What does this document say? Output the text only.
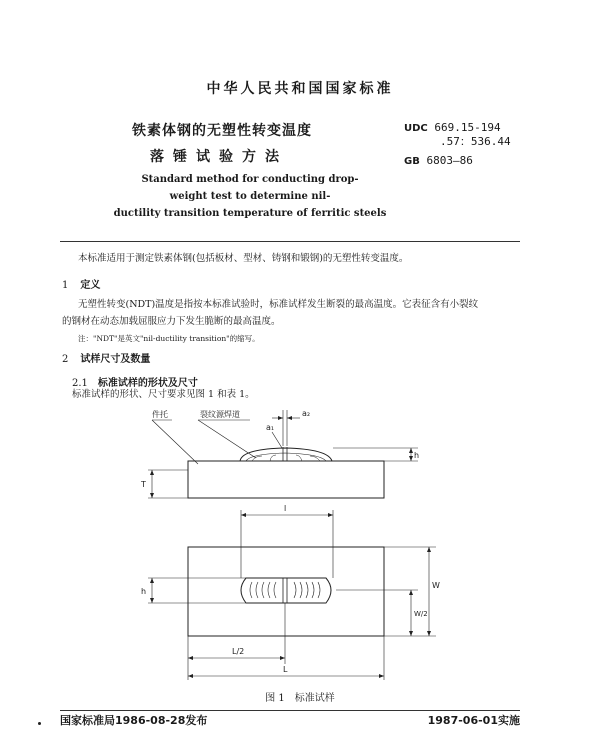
中华人民共和国国家标准
铁素体钢的无塑性转变温度
落锤试验方法
UDC 669.15-194
.57：536.44
GB 6803—86
Standard method for conducting drop-
weight test to determine nil-
ductility transition temperature of ferritic steels
本标准适用于测定铁素体钢(包括板材、型材、铸钢和锻钢)的无塑性转变温度。
1 定义
无塑性转变(NDT)温度是指按本标准试验时，标准试样发生断裂的最高温度。它表征含有小裂纹
的钢材在动态加载屈服应力下发生脆断的最高温度。
注："NDT"是英文"nil-ductility transition"的缩写。
2 试样尺寸及数量
2.1 标准试样的形状及尺寸
标准试样的形状、尺寸要求见图 1 和表 1。
件托	裂纹源焊道	a₂
a₁
T
h
l
h
W
W/2
L/2
L
图 1 标准试样
国家标准局1986-08-28发布	1987-06-01实施
